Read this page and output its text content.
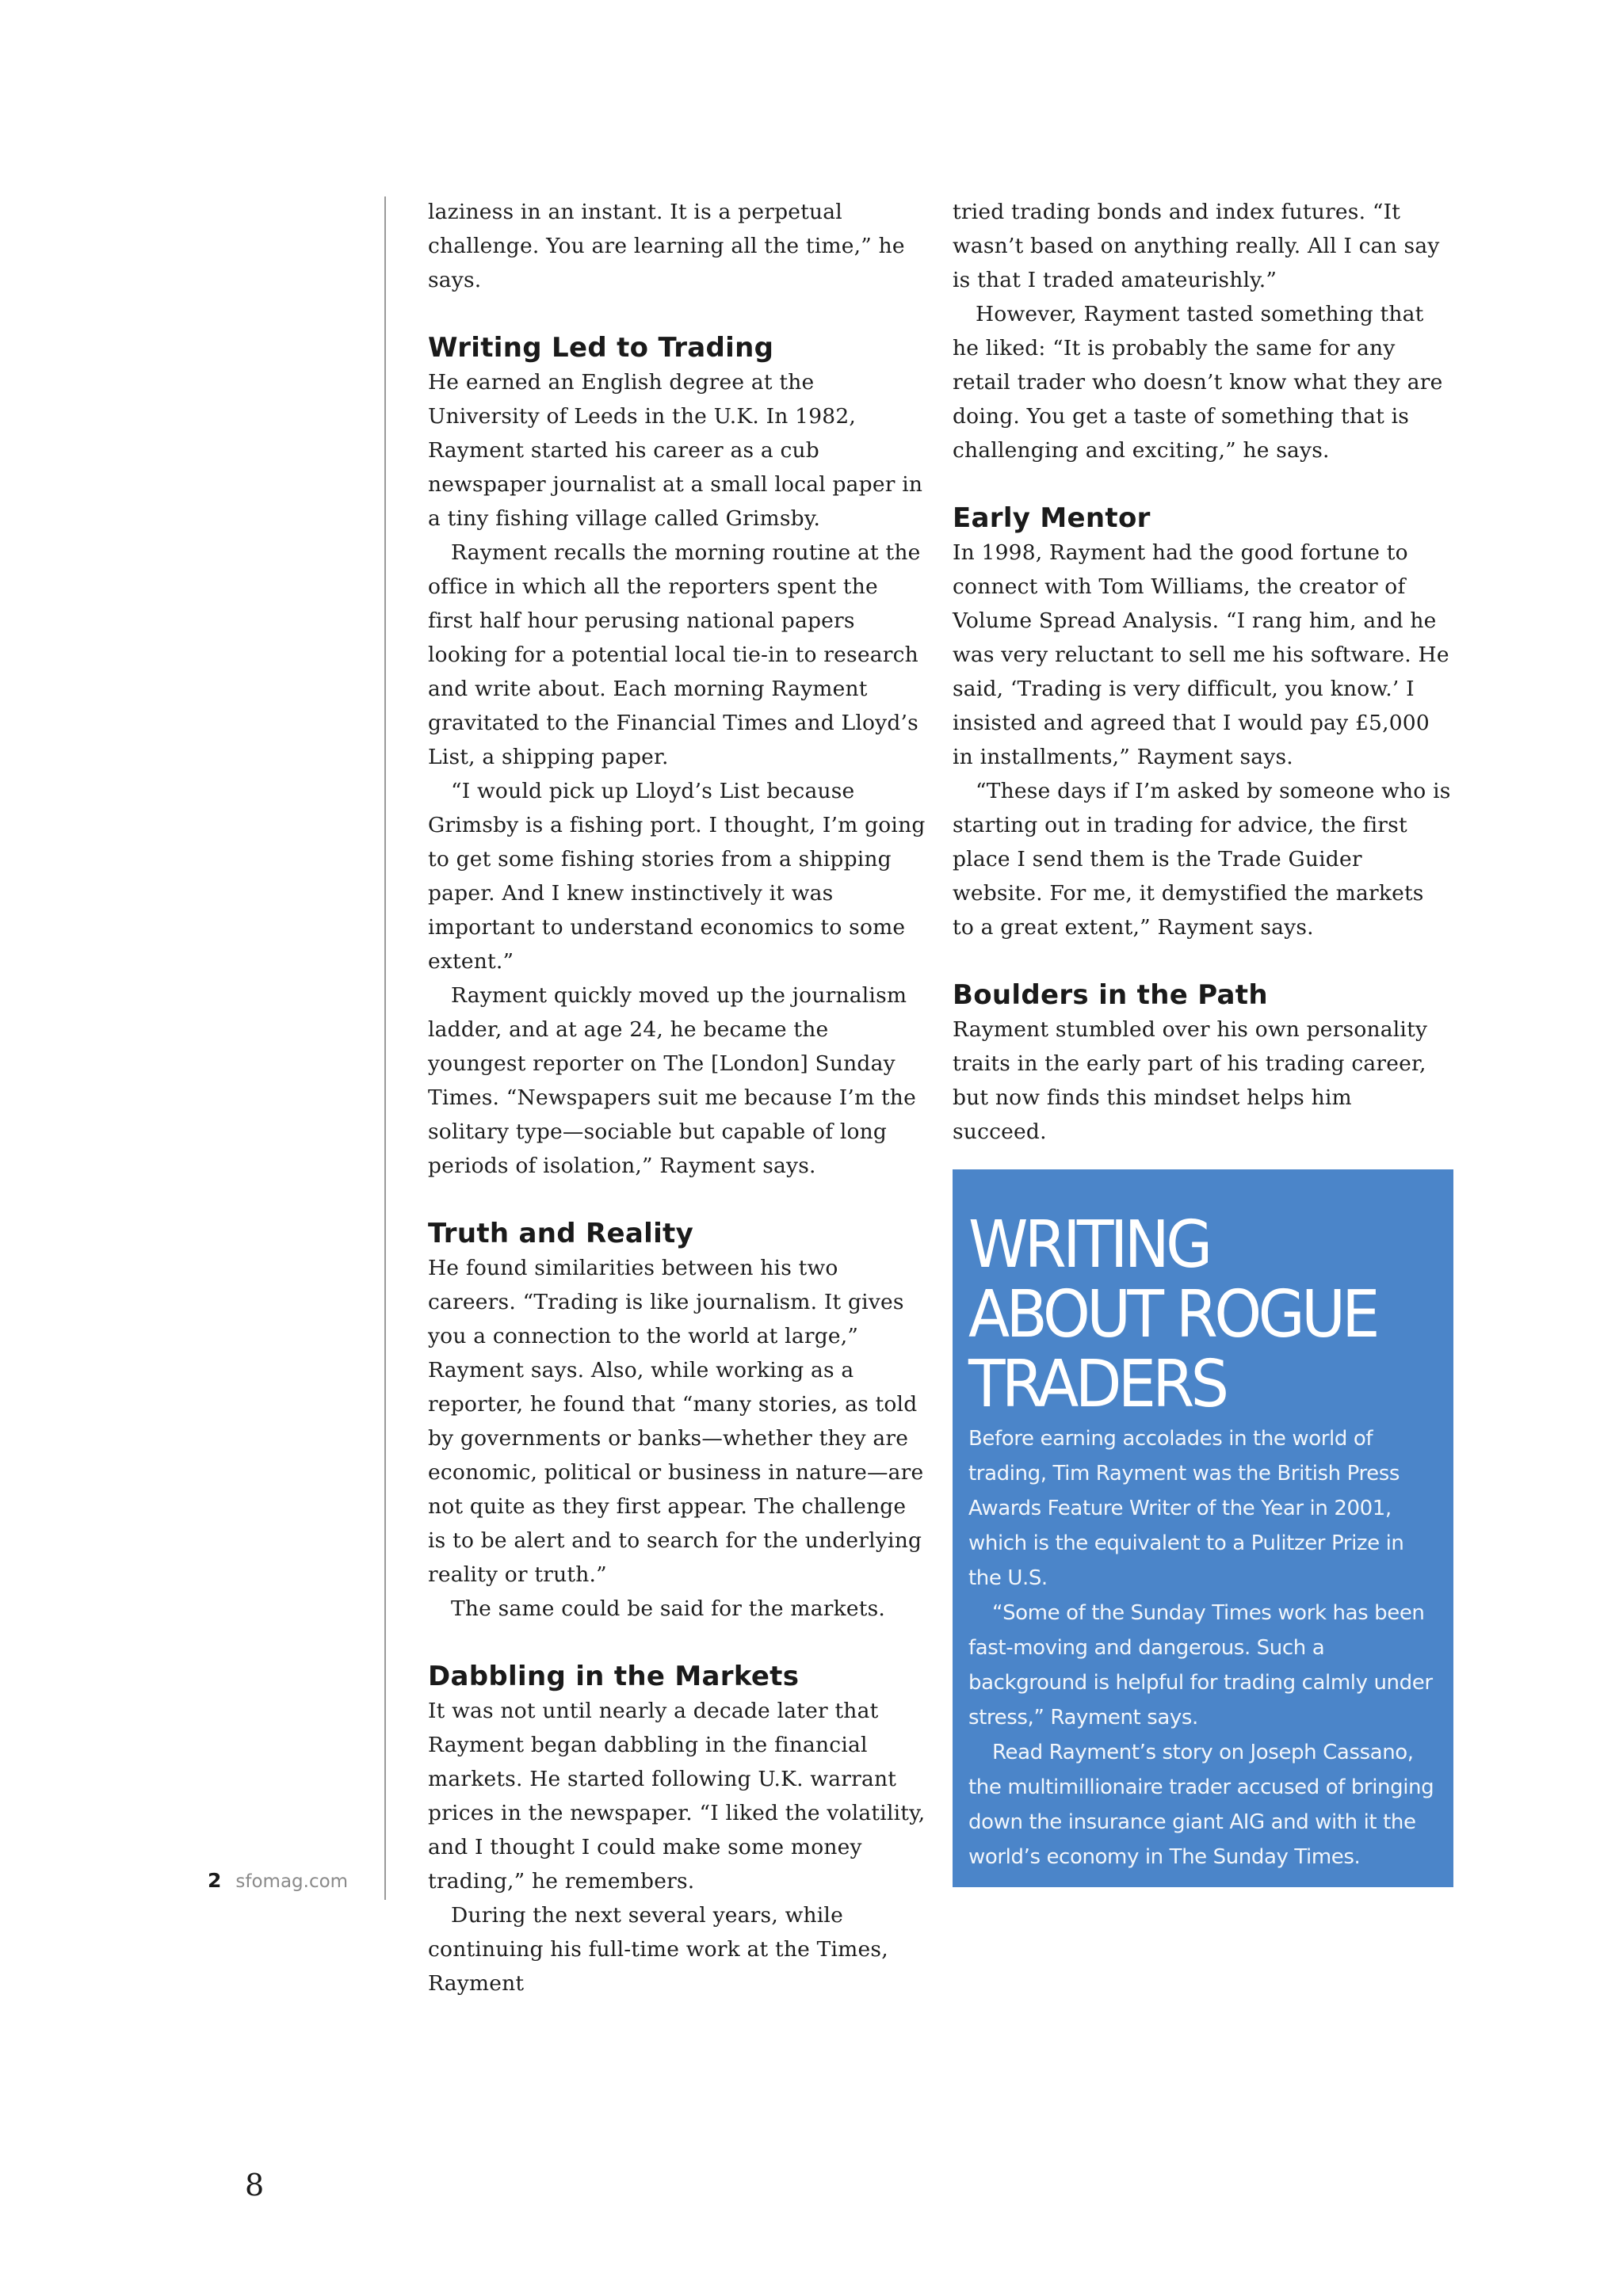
laziness in an instant. It is a perpetual challenge. You are learning all the time,” he says.

Writing Led to Trading

He earned an English degree at the University of Leeds in the U.K. In 1982, Rayment started his career as a cub newspaper journalist at a small local paper in a tiny fishing village called Grimsby.

Rayment recalls the morning routine at the office in which all the reporters spent the first half hour perusing national papers looking for a potential local tie-in to research and write about. Each morning Rayment gravitated to the Financial Times and Lloyd’s List, a shipping paper.

“I would pick up Lloyd’s List because Grimsby is a fishing port. I thought, I’m going to get some fishing stories from a shipping paper. And I knew instinctively it was important to understand economics to some extent.”

Rayment quickly moved up the journalism ladder, and at age 24, he became the youngest reporter on The [London] Sunday Times. “Newspapers suit me because I’m the solitary type—sociable but capable of long periods of isolation,” Rayment says.

Truth and Reality

He found similarities between his two careers. “Trading is like journalism. It gives you a connection to the world at large,” Rayment says. Also, while working as a reporter, he found that “many stories, as told by governments or banks—whether they are economic, political or business in nature—are not quite as they first appear. The challenge is to be alert and to search for the underlying reality or truth.”

The same could be said for the markets.

Dabbling in the Markets

It was not until nearly a decade later that Rayment began dabbling in the financial markets. He started following U.K. warrant prices in the newspaper. “I liked the volatility, and I thought I could make some money trading,” he remembers.

During the next several years, while continuing his full-time work at the Times, Rayment

tried trading bonds and index futures. “It wasn’t based on anything really. All I can say is that I traded amateurishly.”

However, Rayment tasted something that he liked: “It is probably the same for any retail trader who doesn’t know what they are doing. You get a taste of something that is challenging and exciting,” he says.

Early Mentor

In 1998, Rayment had the good fortune to connect with Tom Williams, the creator of Volume Spread Analysis. “I rang him, and he was very reluctant to sell me his software. He said, ‘Trading is very difficult, you know.’ I insisted and agreed that I would pay £5,000 in installments,” Rayment says.

“These days if I’m asked by someone who is starting out in trading for advice, the first place I send them is the Trade Guider website. For me, it demystified the markets to a great extent,” Rayment says.

Boulders in the Path

Rayment stumbled over his own personality traits in the early part of his trading career, but now finds this mindset helps him succeed.

WRITING
ABOUT ROGUE
TRADERS

Before earning accolades in the world of trading, Tim Rayment was the British Press Awards Feature Writer of the Year in 2001, which is the equivalent to a Pulitzer Prize in the U.S.

“Some of the Sunday Times work has been fast-moving and dangerous. Such a background is helpful for trading calmly under stress,” Rayment says.

Read Rayment’s story on Joseph Cassano, the multimillionaire trader accused of bringing down the insurance giant AIG and with it the world’s economy in The Sunday Times.

2 sfomag.com
8
